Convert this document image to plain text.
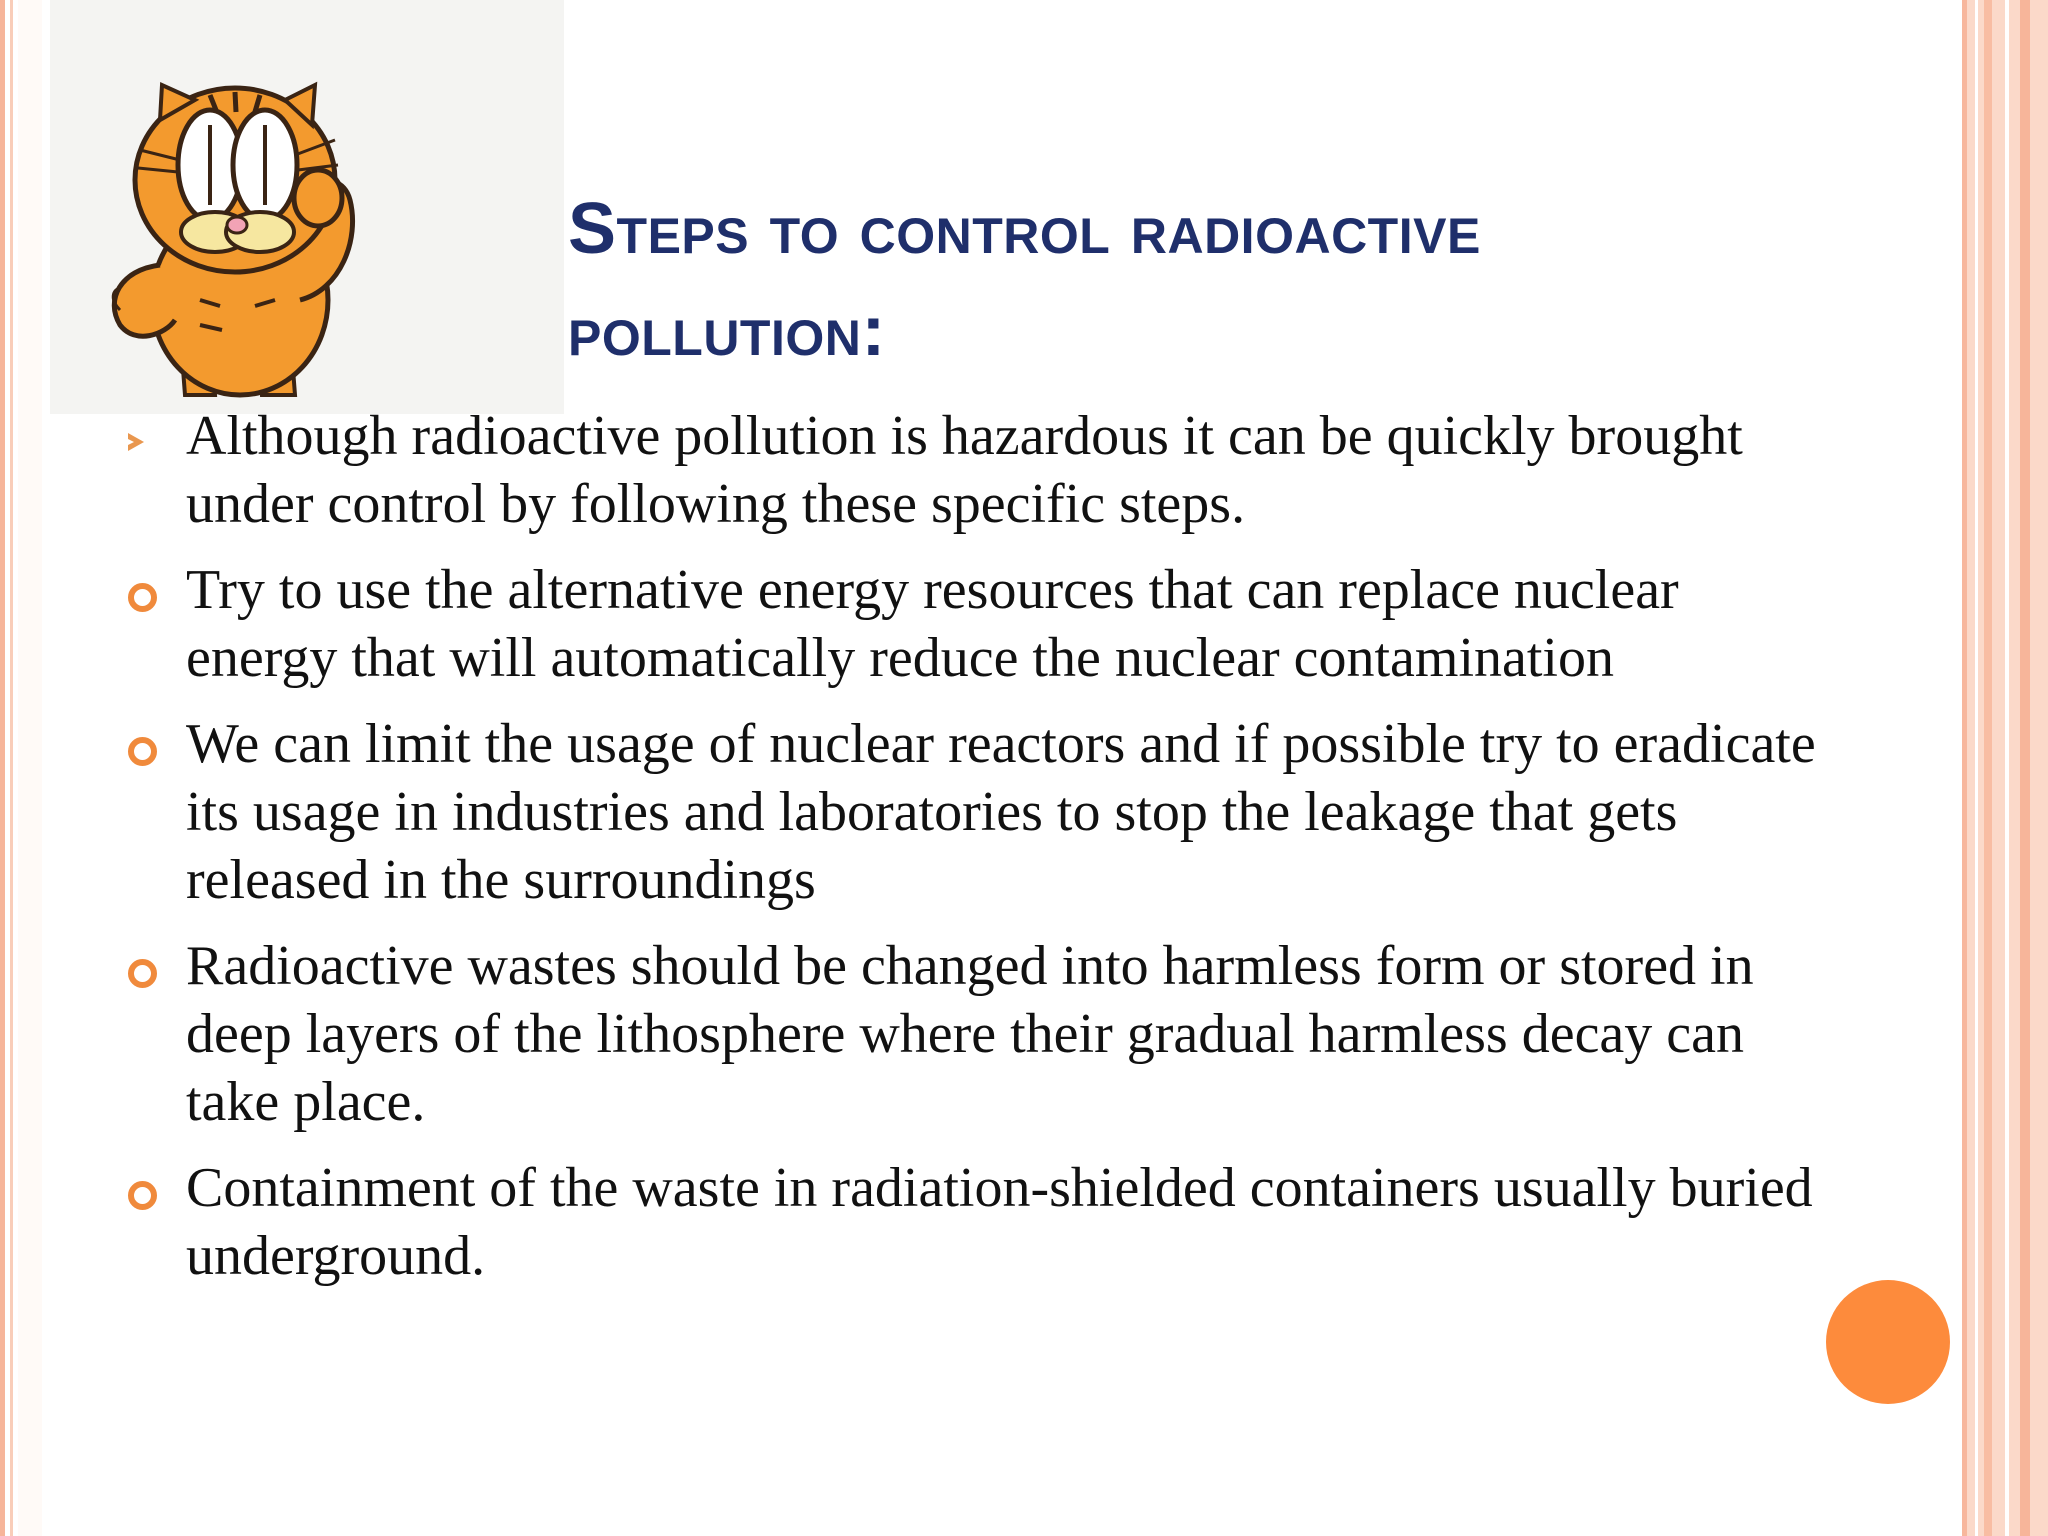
Steps to control radioactive pollution:
Although radioactive pollution is hazardous it can be quickly brought under control by following these specific steps.
Try to use the alternative energy resources that can replace nuclear energy that will automatically reduce the nuclear contamination
We can limit the usage of nuclear reactors and if possible try to eradicate its usage in industries and laboratories to stop the leakage that gets released in the surroundings
Radioactive wastes should be changed into harmless form or stored in deep layers of the lithosphere where their gradual harmless decay can take place.
Containment of the waste in radiation-shielded containers usually buried underground.
